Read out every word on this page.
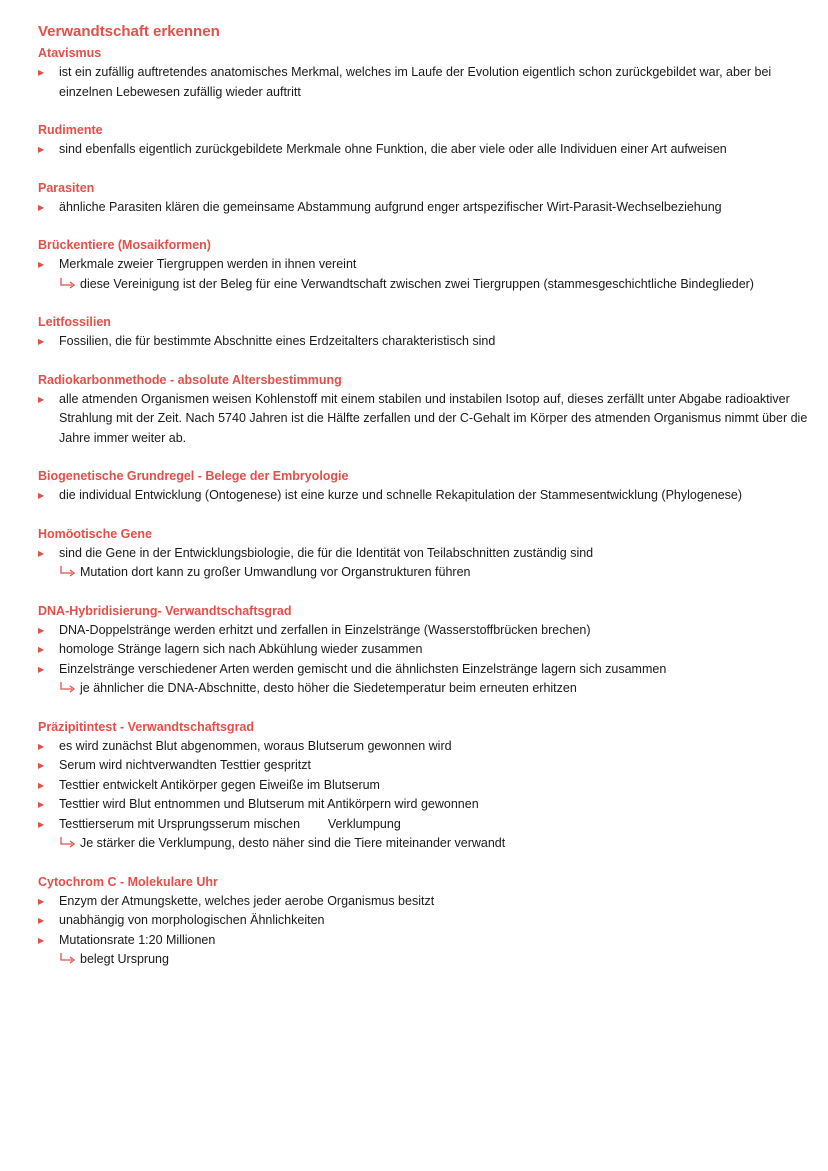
Verwandtschaft erkennen
Atavismus

▶ ist ein zufällig auftretendes anatomisches Merkmal, welches im Laufe der Evolution eigentlich schon zurückgebildet war, aber bei einzelnen Lebewesen zufällig wieder auftritt

Rudimente

▶ sind ebenfalls eigentlich zurückgebildete Merkmale ohne Funktion, die aber viele oder alle Individuen einer Art aufweisen

Parasiten

▶ ähnliche Parasiten klären die gemeinsame Abstammung aufgrund enger artspezifischer Wirt-Parasit-Wechselbeziehung

Brückentiere (Mosaikformen)

▶ Merkmale zweier Tiergruppen werden in ihnen vereint

diese Vereinigung ist der Beleg für eine Verwandtschaft zwischen zwei Tiergruppen (stammesgeschichtliche Bindeglieder)

Leitfossilien

▶ Fossilien, die für bestimmte Abschnitte eines Erdzeitalters charakteristisch sind

Radiokarbonmethode - absolute Altersbestimmung

▶ alle atmenden Organismen weisen Kohlenstoff mit einem stabilen und instabilen Isotop auf, dieses zerfällt unter Abgabe radioaktiver Strahlung mit der Zeit. Nach 5740 Jahren ist die Hälfte zerfallen und der C-Gehalt im Körper des atmenden Organismus nimmt über die Jahre immer weiter ab.

Biogenetische Grundregel - Belege der Embryologie

▶ die individual Entwicklung (Ontogenese) ist eine kurze und schnelle Rekapitulation der Stammesentwicklung (Phylogenese)

Homöotische Gene

▶ sind die Gene in der Entwicklungsbiologie, die für die Identität von Teilabschnitten zuständig sind

Mutation dort kann zu großer Umwandlung vor Organstrukturen führen

DNA-Hybridisierung- Verwandtschaftsgrad

▶ DNA-Doppelstränge werden erhitzt und zerfallen in Einzelstränge (Wasserstoffbrücken brechen)

▶ homologe Stränge lagern sich nach Abkühlung wieder zusammen

▶ Einzelstränge verschiedener Arten werden gemischt und die ähnlichsten Einzelstränge lagern sich zusammen

je ähnlicher die DNA-Abschnitte, desto höher die Siedetemperatur beim erneuten erhitzen

Präzipitintest - Verwandtschaftsgrad

▶ es wird zunächst Blut abgenommen, woraus Blutserum gewonnen wird

▶ Serum wird nichtverwandten Testtier gespritzt

▶ Testtier entwickelt Antikörper gegen Eiweiße im Blutserum

▶ Testtier wird Blut entnommen und Blutserum mit Antikörpern wird gewonnen

▶ Testtierserum mit Ursprungsserum mischen        Verklumpung

Je stärker die Verklumpung, desto näher sind die Tiere miteinander verwandt

Cytochrom C - Molekulare Uhr

▶ Enzym der Atmungskette, welches jeder aerobe Organismus besitzt

▶ unabhängig von morphologischen Ähnlichkeiten

▶ Mutationsrate 1:20 Millionen

belegt Ursprung
